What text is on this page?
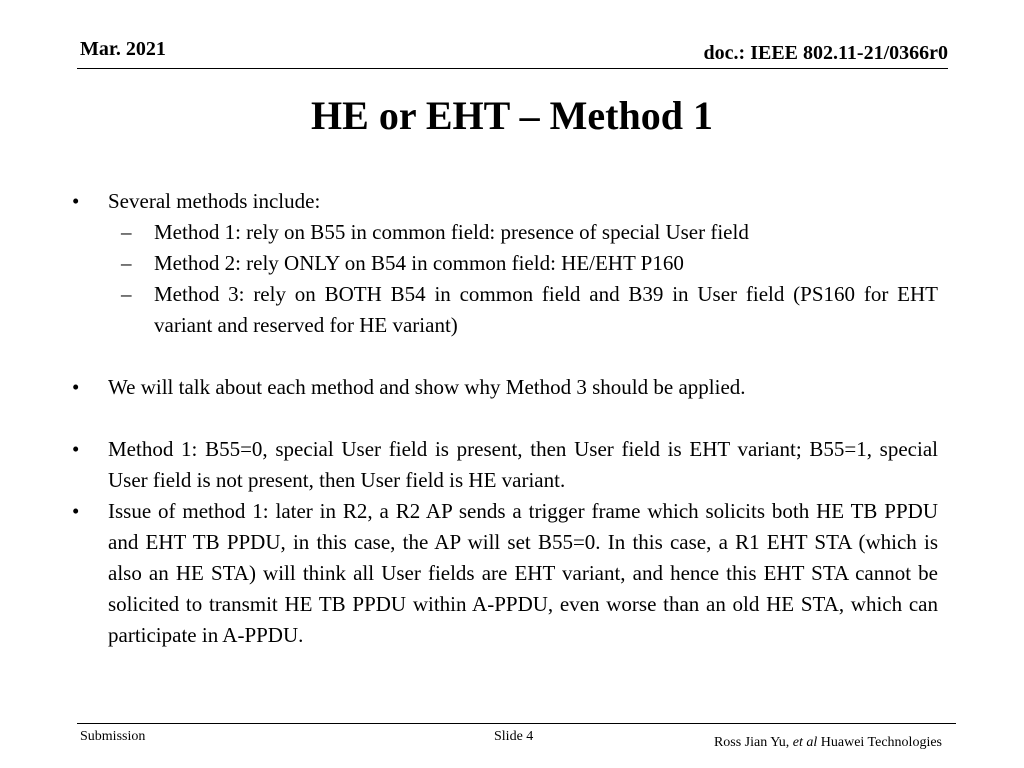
Mar. 2021	doc.: IEEE 802.11-21/0366r0
HE or EHT – Method 1
• Several methods include:
– Method 1: rely on B55 in common field: presence of special User field
– Method 2: rely ONLY on B54 in common field: HE/EHT P160
– Method 3: rely on BOTH B54 in common field and B39 in User field (PS160 for EHT variant and reserved for HE variant)
• We will talk about each method and show why Method 3 should be applied.
• Method 1: B55=0, special User field is present, then User field is EHT variant; B55=1, special User field is not present, then User field is HE variant.
• Issue of method 1: later in R2, a R2 AP sends a trigger frame which solicits both HE TB PPDU and EHT TB PPDU, in this case, the AP will set B55=0. In this case, a R1 EHT STA (which is also an HE STA) will think all User fields are EHT variant, and hence this EHT STA cannot be solicited to transmit HE TB PPDU within A-PPDU, even worse than an old HE STA, which can participate in A-PPDU.
Submission	Slide 4	Ross Jian Yu, et al Huawei Technologies
